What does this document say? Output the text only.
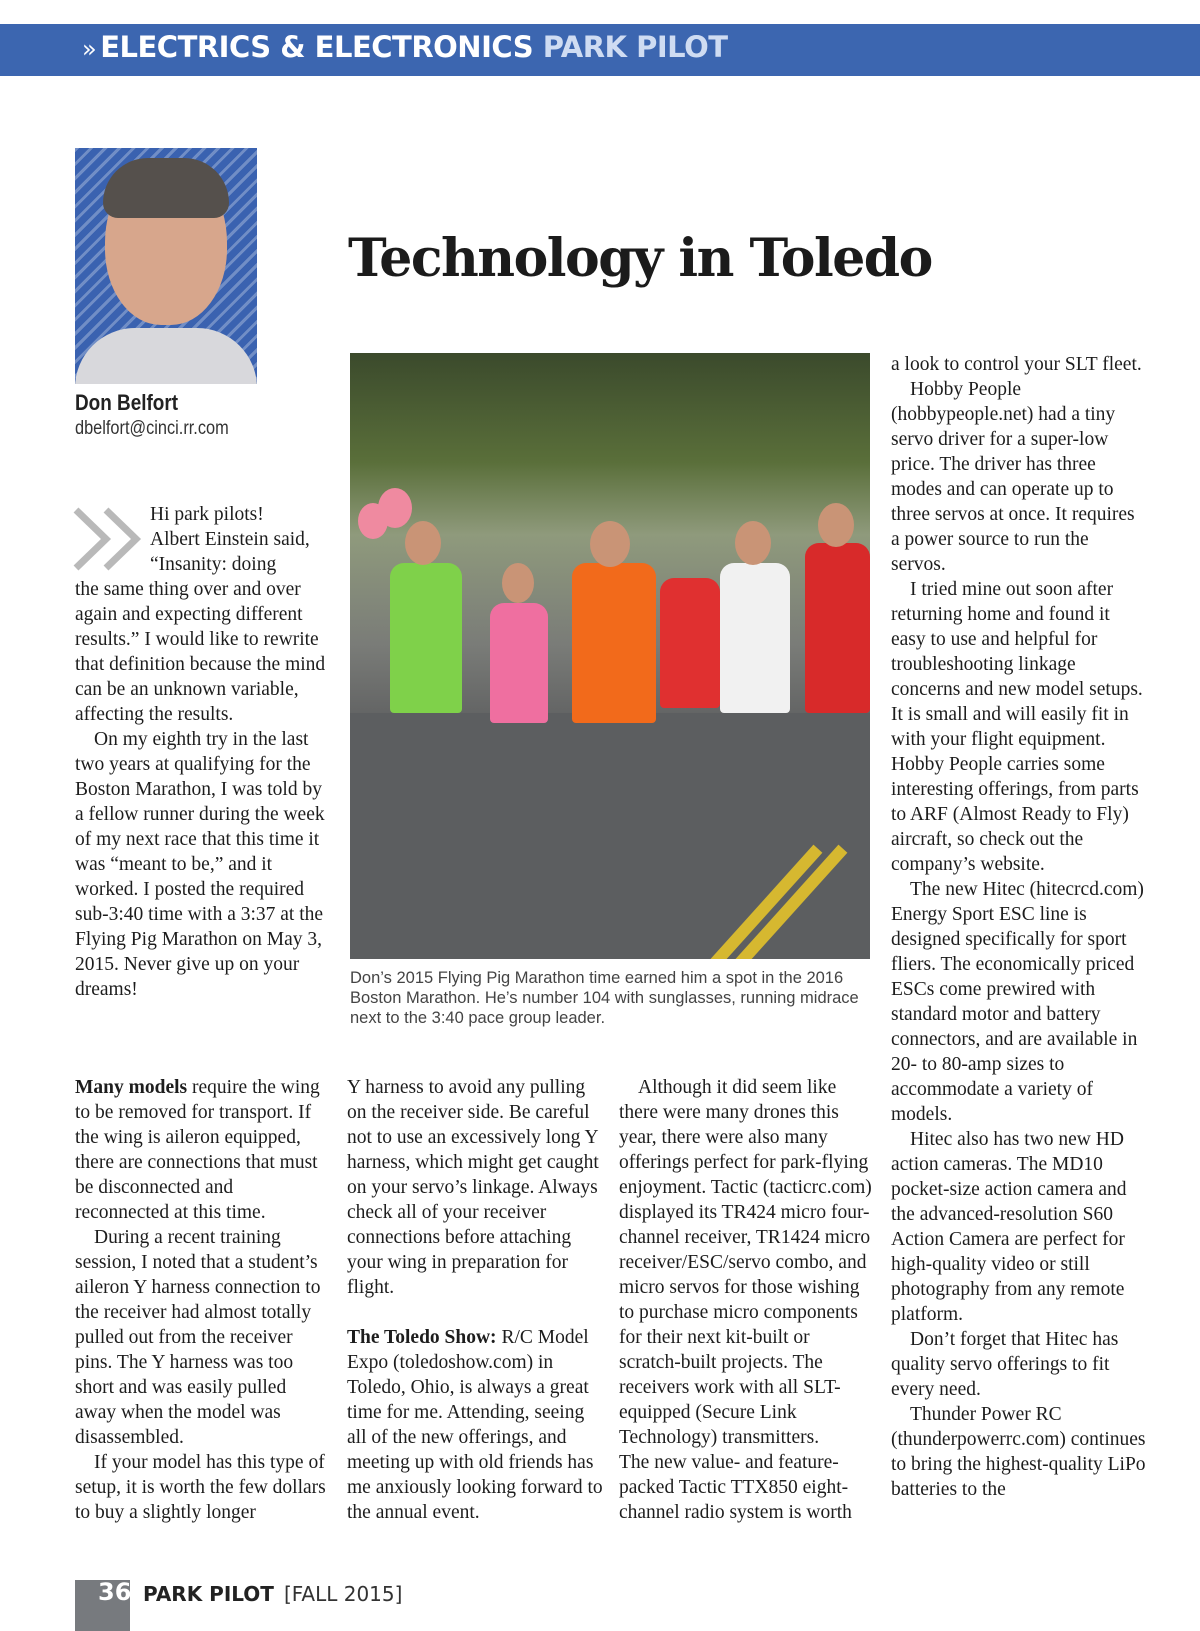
» ELECTRICS & ELECTRONICS PARK PILOT
Don Belfort
dbelfort@cinci.rr.com
Technology in Toledo
Don’s 2015 Flying Pig Marathon time earned him a spot in the 2016 Boston Marathon. He’s number 104 with sunglasses, running midrace next to the 3:40 pace group leader.

Hi park pilots!

Albert Einstein said,

“Insanity: doing

the same thing over and over again and expecting different results.” I would like to rewrite that definition because the mind can be an unknown variable, affecting the results.

On my eighth try in the last two years at qualifying for the Boston Marathon, I was told by a fellow runner during the week of my next race that this time it was “meant to be,” and it worked. I posted the required sub-3:40 time with a 3:37 at the Flying Pig Marathon on May 3, 2015. Never give up on your dreams!

Many models require the wing to be removed for transport. If the wing is aileron equipped, there are connections that must be disconnected and reconnected at this time.

During a recent training session, I noted that a student’s aileron Y harness connection to the receiver had almost totally pulled out from the receiver pins. The Y harness was too short and was easily pulled away when the model was disassembled.

If your model has this type of setup, it is worth the few dollars to buy a slightly longer

Y harness to avoid any pulling on the receiver side. Be careful not to use an excessively long Y harness, which might get caught on your servo’s linkage. Always check all of your receiver connections before attaching your wing in preparation for flight.

The Toledo Show: R/C Model Expo (toledoshow.com) in Toledo, Ohio, is always a great time for me. Attending, seeing all of the new offerings, and meeting up with old friends has me anxiously looking forward to the annual event.

Although it did seem like there were many drones this year, there were also many offerings perfect for park-flying enjoyment. Tactic (tacticrc.com) displayed its TR424 micro four-channel receiver, TR1424 micro receiver/ESC/servo combo, and micro servos for those wishing to purchase micro components for their next kit-built or scratch-built projects. The receivers work with all SLT-equipped (Secure Link Technology) transmitters.

The new value- and feature-packed Tactic TTX850 eight-channel radio system is worth

a look to control your SLT fleet.

Hobby People (hobbypeople.net) had a tiny servo driver for a super-low price. The driver has three modes and can operate up to three servos at once. It requires a power source to run the servos.

I tried mine out soon after returning home and found it easy to use and helpful for troubleshooting linkage concerns and new model setups. It is small and will easily fit in with your flight equipment. Hobby People carries some interesting offerings, from parts to ARF (Almost Ready to Fly) aircraft, so check out the company’s website.

The new Hitec (hitecrcd.com) Energy Sport ESC line is designed specifically for sport fliers. The economically priced ESCs come prewired with standard motor and battery connectors, and are available in 20- to 80-amp sizes to accommodate a variety of models.

Hitec also has two new HD action cameras. The MD10 pocket-size action camera and the advanced-resolution S60 Action Camera are perfect for high-quality video or still photography from any remote platform.

Don’t forget that Hitec has quality servo offerings to fit every need.

Thunder Power RC (thunderpowerrc.com) continues to bring the highest-quality LiPo batteries to the

36 PARK PILOT [FALL 2015]
